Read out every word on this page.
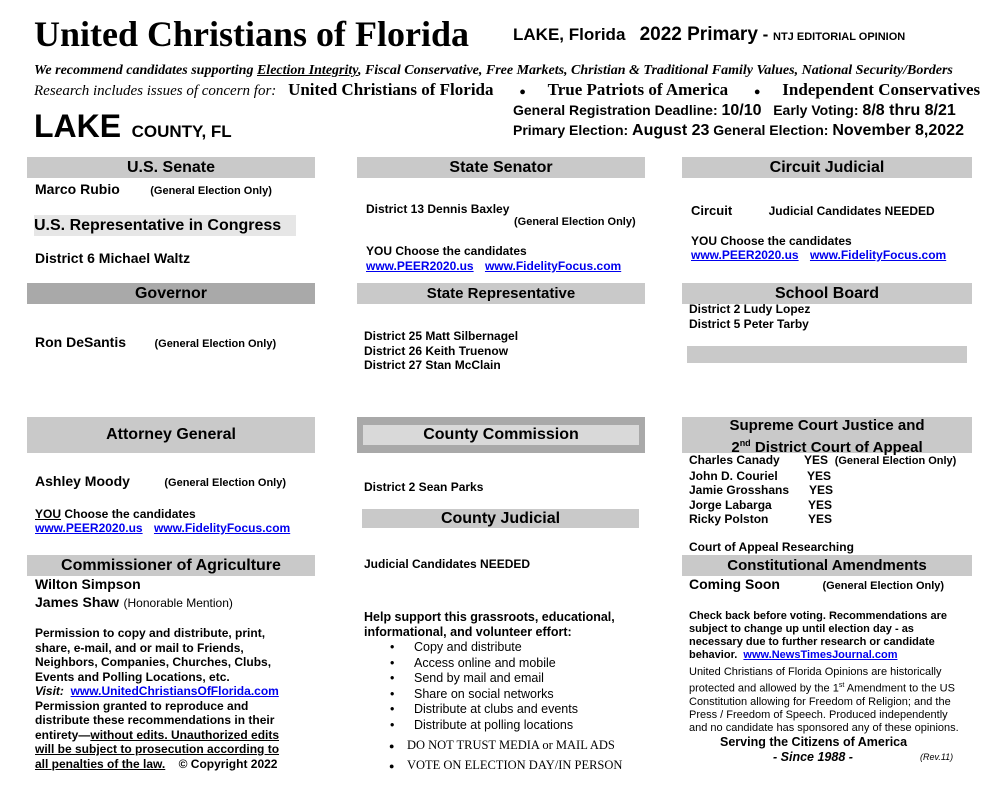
United Christians of Florida	LAKE, Florida 2022 Primary - NTJ EDITORIAL OPINION
We recommend candidates supporting Election Integrity, Fiscal Conservative, Free Markets, Christian & Traditional Family Values, National Security/Borders
Research includes issues of concern for: United Christians of Florida ● True Patriots of America ● Independent Conservatives
LAKE COUNTY, FL
General Registration Deadline: 10/10 Early Voting: 8/8 thru 8/21
Primary Election: August 23 General Election: November 8,2022
U.S. Senate
Marco Rubio	(General Election Only)
U.S. Representative in Congress
District 6 Michael Waltz
Governor
Ron DeSantis	(General Election Only)
Attorney General
Ashley Moody	(General Election Only)
YOU Choose the candidates
www.PEER2020.us www.FidelityFocus.com
Commissioner of Agriculture
Wilton Simpson
James Shaw (Honorable Mention)
Permission to copy and distribute, print,
share, e-mail, and or mail to Friends,
Neighbors, Companies, Churches, Clubs,
Events and Polling Locations, etc.
Visit: www.UnitedChristiansOfFlorida.com
Permission granted to reproduce and
distribute these recommendations in their
entirety—without edits. Unauthorized edits
will be subject to prosecution according to
all penalties of the law. © Copyright 2022
State Senator
District 13 Dennis Baxley
(General Election Only)
YOU Choose the candidates
www.PEER2020.us www.FidelityFocus.com
State Representative
District 25 Matt Silbernagel
District 26 Keith Truenow
District 27 Stan McClain
County Commission
District 2 Sean Parks
County Judicial
Judicial Candidates NEEDED
Help support this grassroots, educational,
informational, and volunteer effort:
• Copy and distribute
• Access online and mobile
• Send by mail and email
• Share on social networks
• Distribute at clubs and events
• Distribute at polling locations
● DO NOT TRUST MEDIA or MAIL ADS
● VOTE ON ELECTION DAY/IN PERSON
Circuit Judicial
Circuit	Judicial Candidates NEEDED
YOU Choose the candidates
www.PEER2020.us www.FidelityFocus.com
School Board
District 2 Ludy Lopez
District 5 Peter Tarby
Supreme Court Justice and
2nd District Court of Appeal
Charles Canady YES (General Election Only)
John D. Couriel YES
Jamie Grosshans YES
Jorge Labarga	YES
Ricky Polston	YES
Court of Appeal Researching
Constitutional Amendments
Coming Soon	(General Election Only)
Check back before voting. Recommendations are
subject to change up until election day - as
necessary due to further research or candidate
behavior. www.NewsTimesJournal.com
United Christians of Florida Opinions are historically
protected and allowed by the 1st Amendment to the US
Constitution allowing for Freedom of Religion; and the
Press / Freedom of Speech. Produced independently
and no candidate has sponsored any of these opinions.
Serving the Citizens of America
- Since 1988 -	(Rev.11)
